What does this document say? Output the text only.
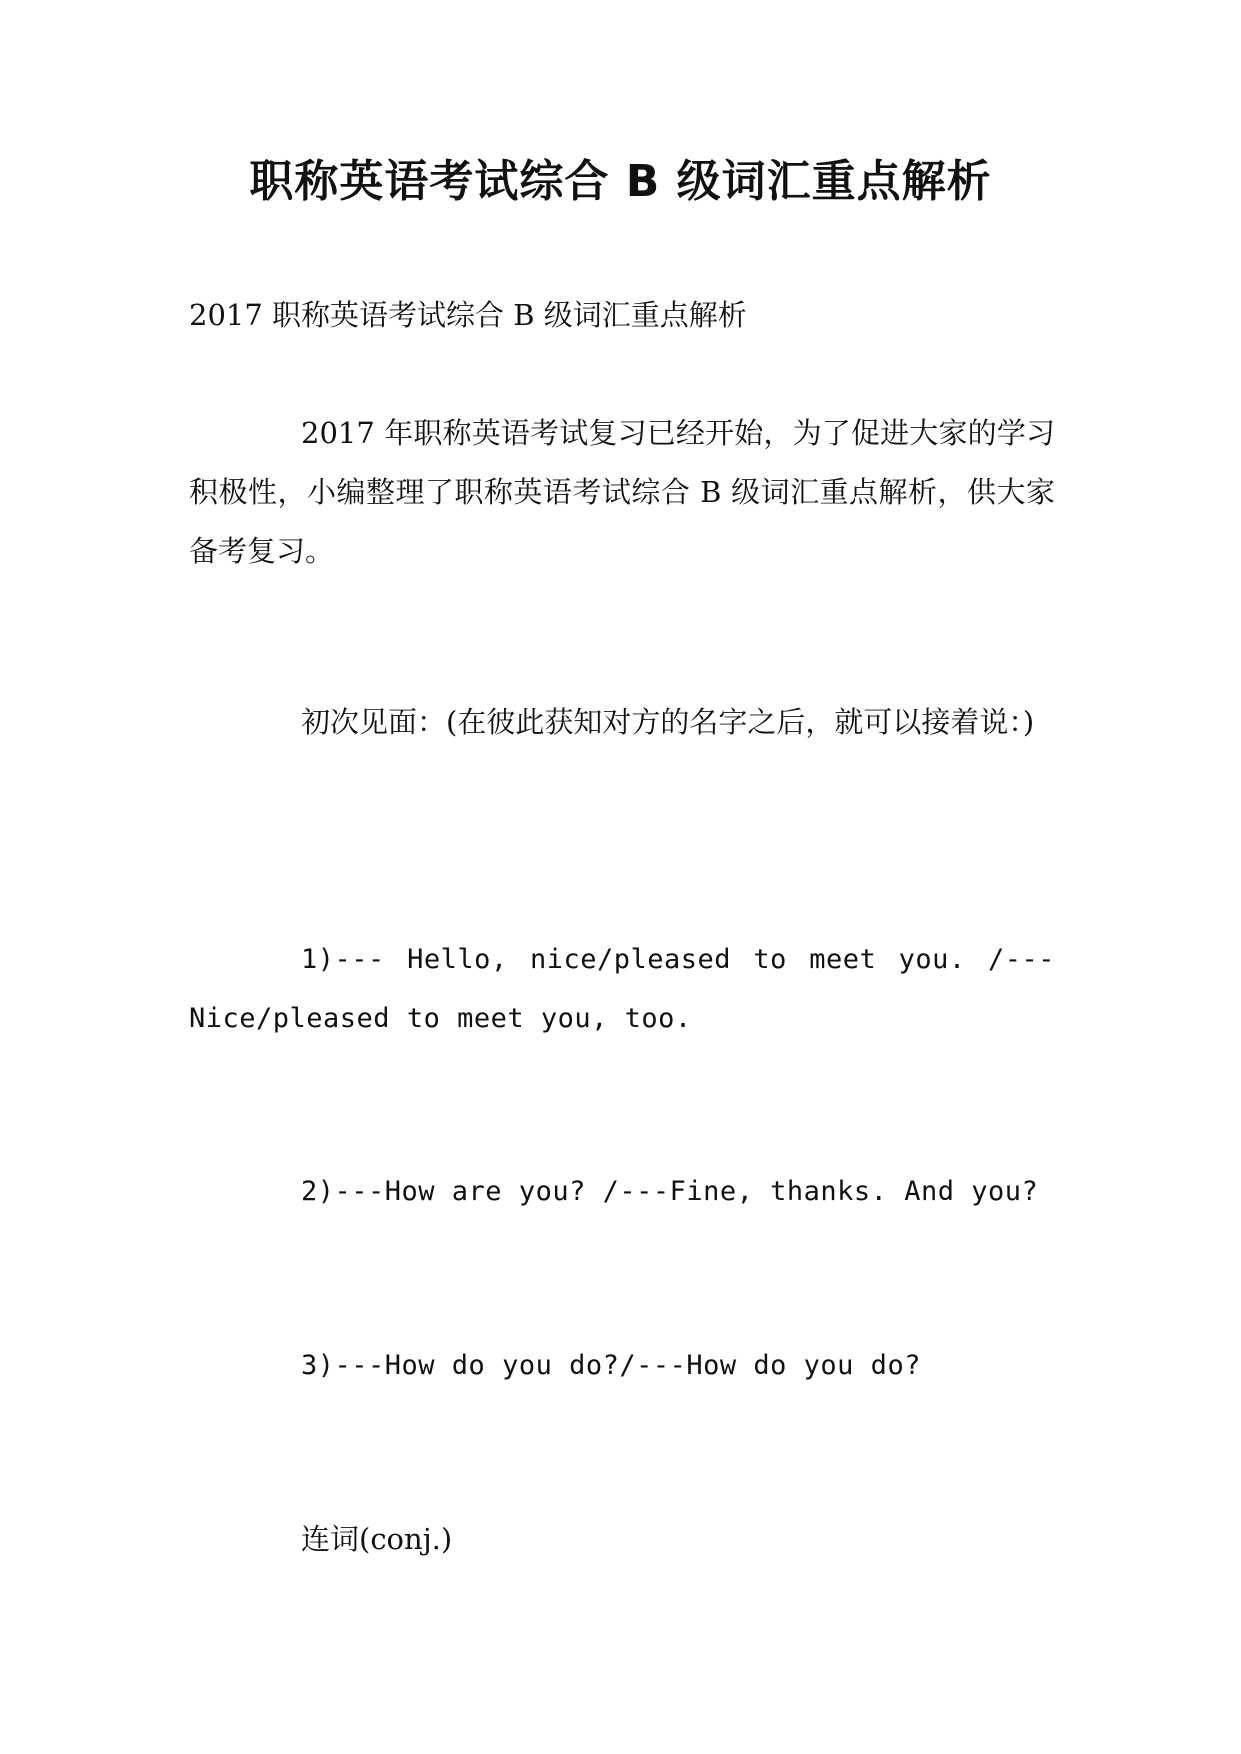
职称英语考试综合 B 级词汇重点解析

2017 职称英语考试综合 B 级词汇重点解析

2017 年职称英语考试复习已经开始，为了促进大家的学习积极性，小编整理了职称英语考试综合 B 级词汇重点解析，供大家备考复习。

初次见面：(在彼此获知对方的名字之后，就可以接着说：)

1)--- Hello, nice/pleased to meet you. /---Nice/pleased to meet you, too.

2)---How are you? /---Fine, thanks. And you?

3)---How do you do?/---How do you do?

连词(conj.)
